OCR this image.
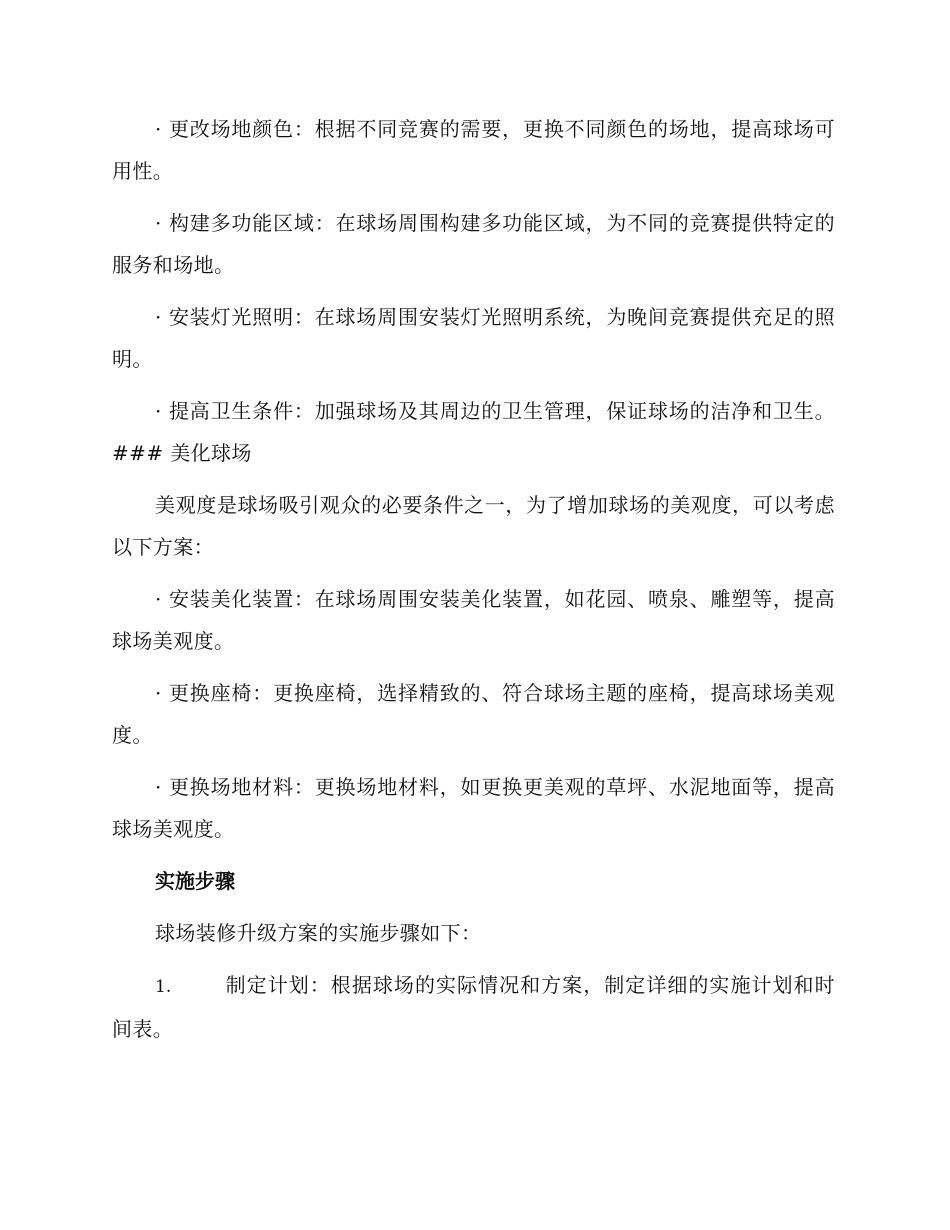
· 更改场地颜色：根据不同竞赛的需要，更换不同颜色的场地，提高球场可用性。

· 构建多功能区域：在球场周围构建多功能区域，为不同的竞赛提供特定的服务和场地。

· 安装灯光照明：在球场周围安装灯光照明系统，为晚间竞赛提供充足的照明。

· 提高卫生条件：加强球场及其周边的卫生管理，保证球场的洁净和卫生。 ### 美化球场

美观度是球场吸引观众的必要条件之一，为了增加球场的美观度，可以考虑以下方案：

· 安装美化装置：在球场周围安装美化装置，如花园、喷泉、雕塑等，提高球场美观度。

· 更换座椅：更换座椅，选择精致的、符合球场主题的座椅，提高球场美观度。

· 更换场地材料：更换场地材料，如更换更美观的草坪、水泥地面等，提高球场美观度。

实施步骤

球场装修升级方案的实施步骤如下：

1.	制定计划：根据球场的实际情况和方案，制定详细的实施计划和时间表。
